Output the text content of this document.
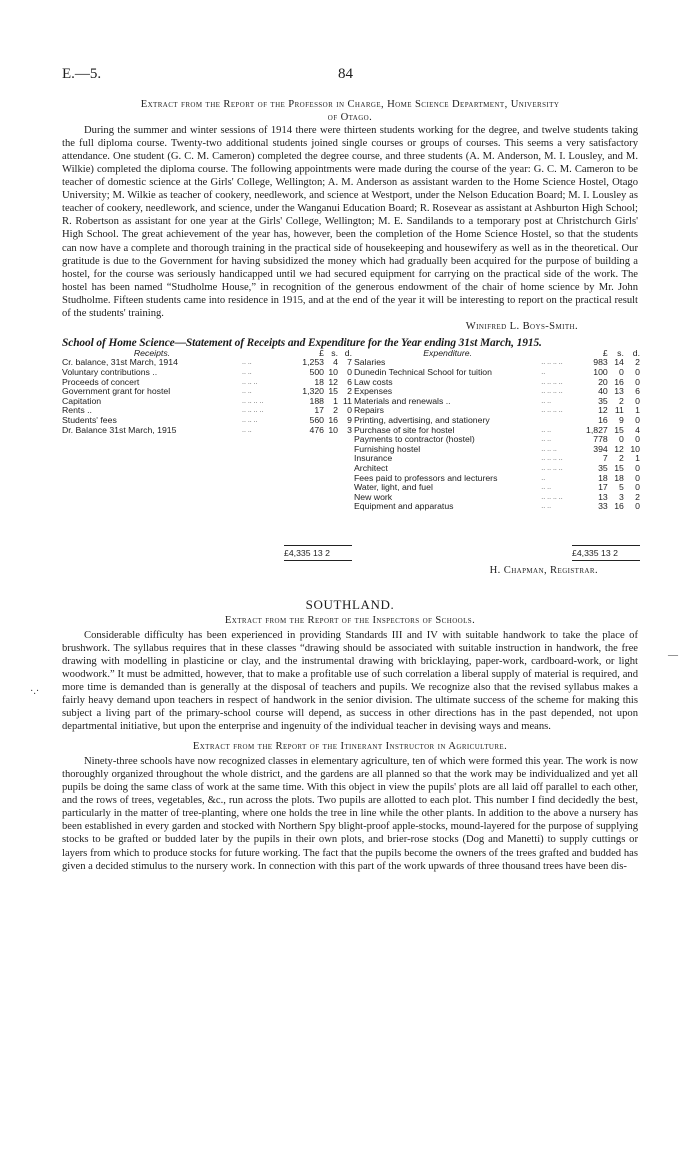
E.—5.	84
Extract from the Report of the Professor in Charge, Home Science Department, University
of Otago.

During the summer and winter sessions of 1914 there were thirteen students working for the degree, and twelve students taking the full diploma course. Twenty-two additional students joined single courses or groups of courses. This seems a very satisfactory attendance. One student (G. C. M. Cameron) completed the degree course, and three students (A. M. Anderson, M. I. Lousley, and M. Wilkie) completed the diploma course. The following appointments were made during the course of the year: G. C. M. Cameron to be teacher of domestic science at the Girls' College, Wellington; A. M. Anderson as assistant warden to the Home Science Hostel, Otago University; M. Wilkie as teacher of cookery, needlework, and science at Westport, under the Nelson Education Board; M. I. Lousley as teacher of cookery, needlework, and science, under the Wanganui Education Board; R. Rosevear as assistant at Ashburton High School; R. Robertson as assistant for one year at the Girls' College, Wellington; M. E. Sandilands to a temporary post at Christchurch Girls' High School. The great achievement of the year has, however, been the completion of the Home Science Hostel, so that the students can now have a complete and thorough training in the practical side of housekeeping and housewifery as well as in the theoretical. Our gratitude is due to the Government for having subsidized the money which had gradually been acquired for the purpose of building a hostel, for the course was seriously handicapped until we had secured equipment for carrying on the practical side of the work. The hostel has been named “Studholme House,” in recognition of the generous endowment of the chair of home science by Mr. John Studholme. Fifteen students came into residence in 1915, and at the end of the year it will be interesting to report on the practical result of the students' training.

Winifred L. Boys-Smith.
School of Home Science—Statement of Receipts and Expenditure for the Year ending 31st March, 1915.
Receipts.		£	s.	d.
Cr. balance, 31st March, 1914	.. ..	1,253	4	7
Voluntary contributions ..	.. ..	500	10	0
Proceeds of concert	.. .. ..	18	12	6
Government grant for hostel	.. ..	1,320	15	2
Capitation	.. .. .. ..	188	1	11
Rents ..	.. .. .. ..	17	2	0
Students' fees	.. .. ..	560	16	9
Dr. Balance 31st March, 1915	.. ..	476	10	3
Expenditure.		£	s.	d.
Salaries	.. .. .. ..	983	14	2
Dunedin Technical School for tuition	..	100	0	0
Law costs	.. .. .. ..	20	16	0
Expenses	.. .. .. ..	40	13	6
Materials and renewals ..	.. ..	35	2	0
Repairs	.. .. .. ..	12	11	1
Printing, advertising, and stationery		16	9	0
Purchase of site for hostel	.. ..	1,827	15	4
Payments to contractor (hostel)	.. ..	778	0	0
Furnishing hostel	.. .. ..	394	12	10
Insurance	.. .. .. ..	7	2	1
Architect	.. .. .. ..	35	15	0
Fees paid to professors and lecturers	..	18	18	0
Water, light, and fuel	.. ..	17	5	0
New work	.. .. .. ..	13	3	2
Equipment and apparatus	.. ..	33	16	0
£4,335 13 2	£4,335 13 2
H. Chapman, Registrar.
SOUTHLAND.
Extract from the Report of the Inspectors of Schools.

Considerable difficulty has been experienced in providing Standards III and IV with suitable handwork to take the place of brushwork. The syllabus requires that in these classes “drawing should be associated with suitable instruction in handwork, the free drawing with modelling in plasticine or clay, and the instrumental drawing with bricklaying, paper-work, cardboard-work, or light woodwork.” It must be admitted, however, that to make a profitable use of such correlation a liberal supply of material is required, and more time is demanded than is generally at the disposal of teachers and pupils. We recognize also that the revised syllabus makes a fairly heavy demand upon teachers in respect of handwork in the senior division. The ultimate success of the scheme for making this subject a living part of the primary-school course will depend, as success in other directions has in the past depended, not upon departmental initiative, but upon the enterprise and ingenuity of the individual teacher in devising ways and means.

Extract from the Report of the Itinerant Instructor in Agriculture.

Ninety-three schools have now recognized classes in elementary agriculture, ten of which were formed this year. The work is now thoroughly organized throughout the whole district, and the gardens are all planned so that the work may be individualized and yet all pupils be doing the same class of work at the same time. With this object in view the pupils' plots are all laid off parallel to each other, and the rows of trees, vegetables, &c., run across the plots. Two pupils are allotted to each plot. This number I find decidedly the best, particularly in the matter of tree-planting, where one holds the tree in line while the other plants. In addition to the above a nursery has been established in every garden and stocked with Northern Spy blight-proof apple-stocks, mound-layered for the purpose of supplying stocks to be grafted or budded later by the pupils in their own plots, and brier-rose stocks (Dog and Manetti) to supply cuttings or layers from which to produce stocks for future working. The fact that the pupils become the owners of the trees grafted and budded has given a decided stimulus to the nursery work. In connection with this part of the work upwards of three thousand trees have been dis-

·.·
—
